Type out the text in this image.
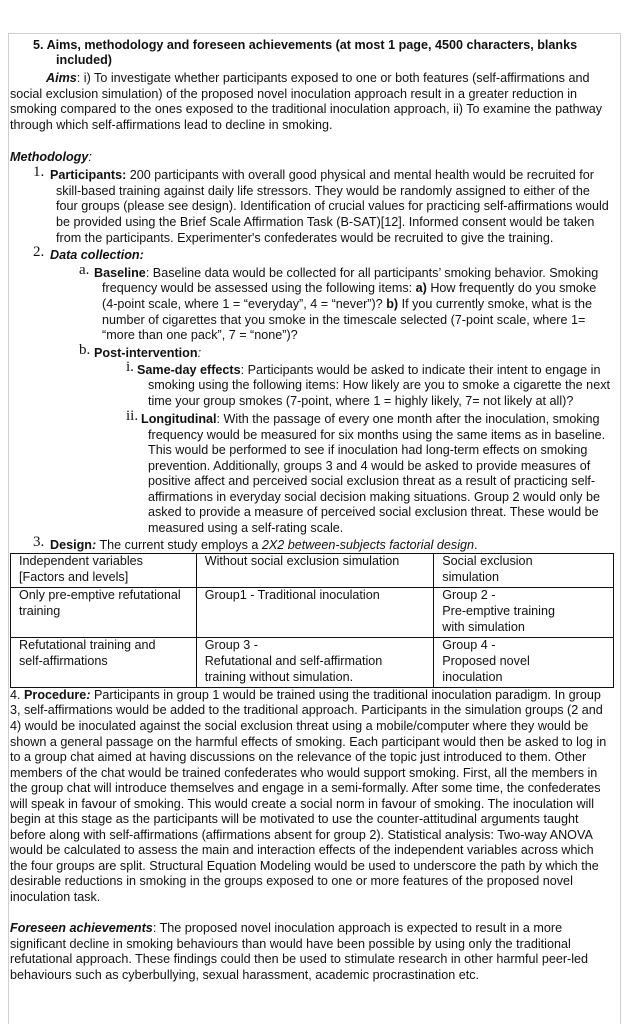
5. Aims, methodology and foreseen achievements (at most 1 page, 4500 characters, blanks
included)
Aims: i) To investigate whether participants exposed to one or both features (self-affirmations and
social exclusion simulation) of the proposed novel inoculation approach result in a greater reduction in
smoking compared to the ones exposed to the traditional inoculation approach, ii) To examine the pathway
through which self-affirmations lead to decline in smoking.
Methodology:
1. Participants: 200 participants with overall good physical and mental health would be recruited for
skill-based training against daily life stressors. They would be randomly assigned to either of the
four groups (please see design). Identification of crucial values for practicing self-affirmations would
be provided using the Brief Scale Affirmation Task (B-SAT)[12]. Informed consent would be taken
from the participants. Experimenter's confederates would be recruited to give the training.
2. Data collection:
a. Baseline: Baseline data would be collected for all participants’ smoking behavior. Smoking
frequency would be assessed using the following items: a) How frequently do you smoke
(4-point scale, where 1 = “everyday”, 4 = “never”)? b) If you currently smoke, what is the
number of cigarettes that you smoke in the timescale selected (7-point scale, where 1=
“more than one pack”, 7 = “none”)?
b. Post-intervention:
i. Same-day effects: Participants would be asked to indicate their intent to engage in
smoking using the following items: How likely are you to smoke a cigarette the next
time your group smokes (7-point, where 1 = highly likely, 7= not likely at all)?
ii. Longitudinal: With the passage of every one month after the inoculation, smoking
frequency would be measured for six months using the same items as in baseline.
This would be performed to see if inoculation had long-term effects on smoking
prevention. Additionally, groups 3 and 4 would be asked to provide measures of
positive affect and perceived social exclusion threat as a result of practicing self-
affirmations in everyday social decision making situations. Group 2 would only be
asked to provide a measure of perceived social exclusion threat. These would be
measured using a self-rating scale.
3. Design: The current study employs a 2X2 between-subjects factorial design.
Independent variables
[Factors and levels]	Without social exclusion simulation	Social exclusion
simulation
Only pre-emptive refutational
training	Group1 - Traditional inoculation	Group 2 -
Pre-emptive training
with simulation
Refutational training and
self-affirmations	Group 3 -
Refutational and self-affirmation
training without simulation.	Group 4 -
Proposed novel
inoculation
4. Procedure: Participants in group 1 would be trained using the traditional inoculation paradigm. In group
3, self-affirmations would be added to the traditional approach. Participants in the simulation groups (2 and
4) would be inoculated against the social exclusion threat using a mobile/computer where they would be
shown a general passage on the harmful effects of smoking. Each participant would then be asked to log in
to a group chat aimed at having discussions on the relevance of the topic just introduced to them. Other
members of the chat would be trained confederates who would support smoking. First, all the members in
the group chat will introduce themselves and engage in a semi-formally. After some time, the confederates
will speak in favour of smoking. This would create a social norm in favour of smoking. The inoculation will
begin at this stage as the participants will be motivated to use the counter-attitudinal arguments taught
before along with self-affirmations (affirmations absent for group 2). Statistical analysis: Two-way ANOVA
would be calculated to assess the main and interaction effects of the independent variables across which
the four groups are split. Structural Equation Modeling would be used to underscore the path by which the
desirable reductions in smoking in the groups exposed to one or more features of the proposed novel
inoculation task.
Foreseen achievements: The proposed novel inoculation approach is expected to result in a more
significant decline in smoking behaviours than would have been possible by using only the traditional
refutational approach. These findings could then be used to stimulate research in other harmful peer-led
behaviours such as cyberbullying, sexual harassment, academic procrastination etc.
